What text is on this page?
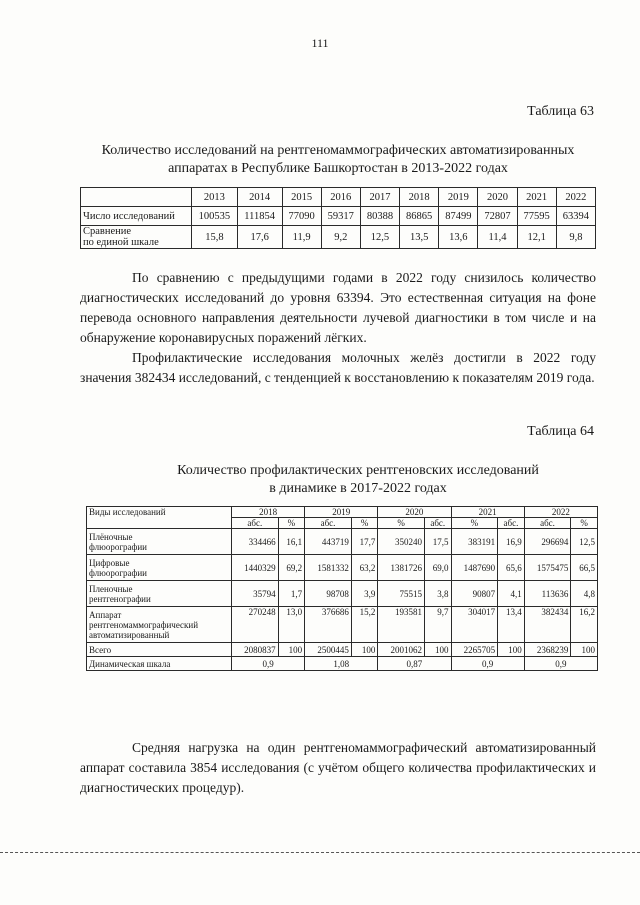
111
Таблица 63
Количество исследований на рентгеномаммографических автоматизированных
аппаратах в Республике Башкортостан в 2013-2022 годах
	2013	2014	2015	2016	2017	2018	2019	2020	2021	2022
Число исследований	100535	111854	77090	59317	80388	86865	87499	72807	77595	63394

Сравнение
по единой шкале	15,8	17,6	11,9	9,2	12,5	13,5	13,6	11,4	12,1	9,8
По сравнению с предыдущими годами в 2022 году снизилось количество диагностических исследований до уровня 63394. Это естественная ситуация на фоне перевода основного направления деятельности лучевой диагностики в том числе и на обнаружение коронавирусных поражений лёгких.
Профилактические исследования молочных желёз достигли в 2022 году значения 382434 исследований, с тенденцией к восстановлению к показателям 2019 года.
Таблица 64
Количество профилактических рентгеновских исследований
в динамике в 2017-2022 годах
Виды исследований	2018		2019		2020		2021		2022	
	абс.	%	абс.	%	%	абс.	%	абс.	абс.	%

Плёночные
флюорографии	334466	16,1	443719	17,7	350240	17,5	383191	16,9	296694	12,5

Цифровые
флюорографии	1440329	69,2	1581332	63,2	1381726	69,0	1487690	65,6	1575475	66,5

Пленочные
рентгенографии	35794	1,7	98708	3,9	75515	3,8	90807	4,1	113636	4,8

Аппарат
рентгеномаммографический
автоматизированный	270248	13,0	376686	15,2	193581	9,7	304017	13,4	382434	16,2
Всего	2080837	100	2500445	100	2001062	100	2265705	100	2368239	100
Динамическая шкала	0,9		1,08		0,87		0,9		0,9	
Средняя нагрузка на один рентгеномаммографический автоматизированный аппарат составила 3854 исследования (с учётом общего количества профилактических и диагностических процедур).
